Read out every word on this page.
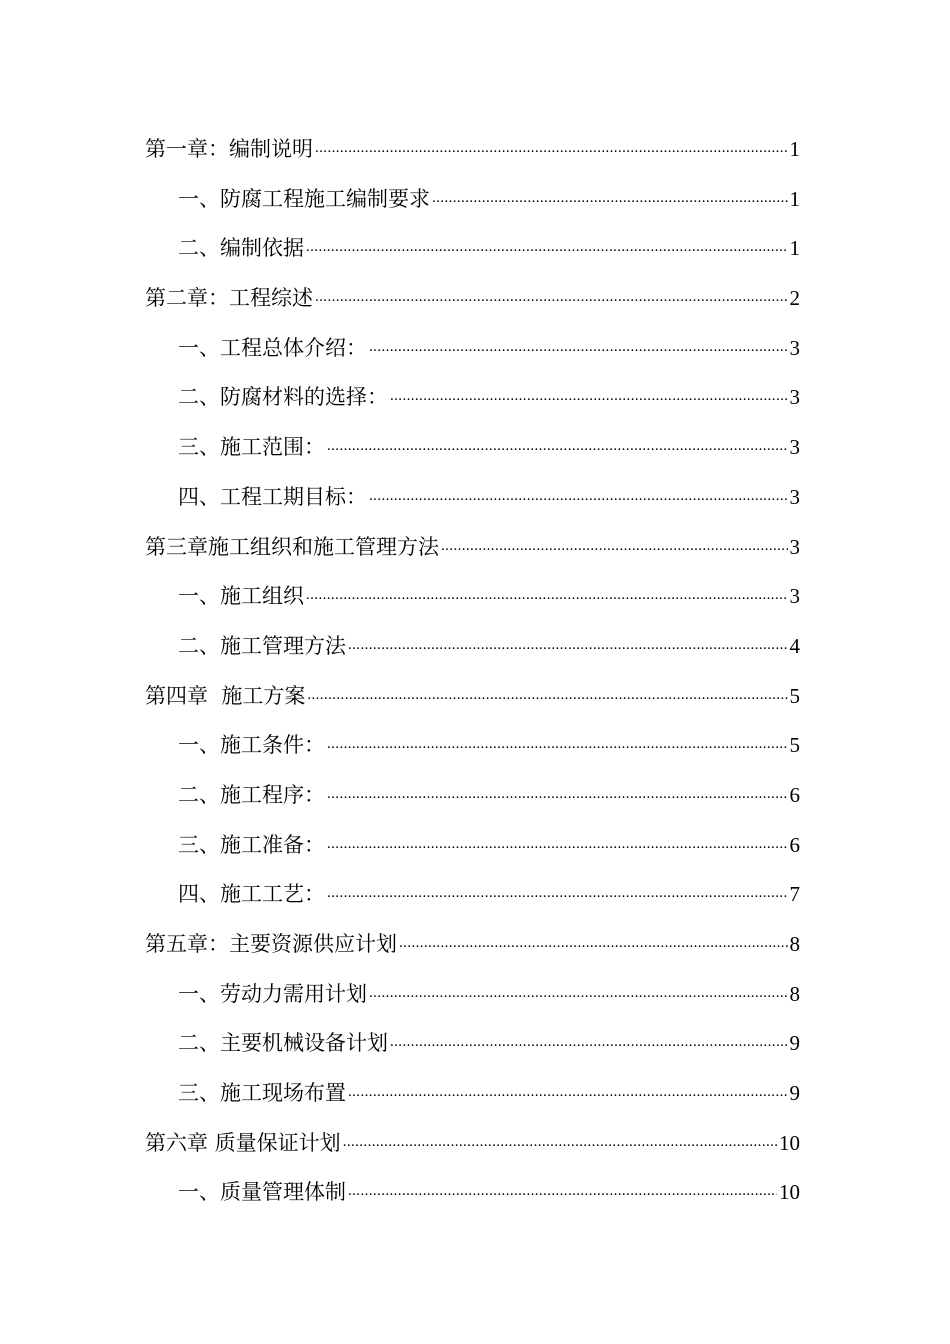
第一章：编制说明 .....	1
一、防腐工程施工编制要求 .....	1
二、编制依据 .....	1
第二章：工程综述 .....	2
一、工程总体介绍： .....	3
二、防腐材料的选择： .....	3
三、施工范围： .....	3
四、工程工期目标： .....	3
第三章施工组织和施工管理方法 .....	3
一、施工组织 .....	3
二、施工管理方法 .....	4
第四章  施工方案 .....	5
一、施工条件： .....	5
二、施工程序： .....	6
三、施工准备： .....	6
四、施工工艺： .....	7
第五章：主要资源供应计划 .....	8
一、劳动力需用计划 .....	8
二、主要机械设备计划 .....	9
三、施工现场布置 .....	9
第六章 质量保证计划 .....	10
一、质量管理体制 .....	10
